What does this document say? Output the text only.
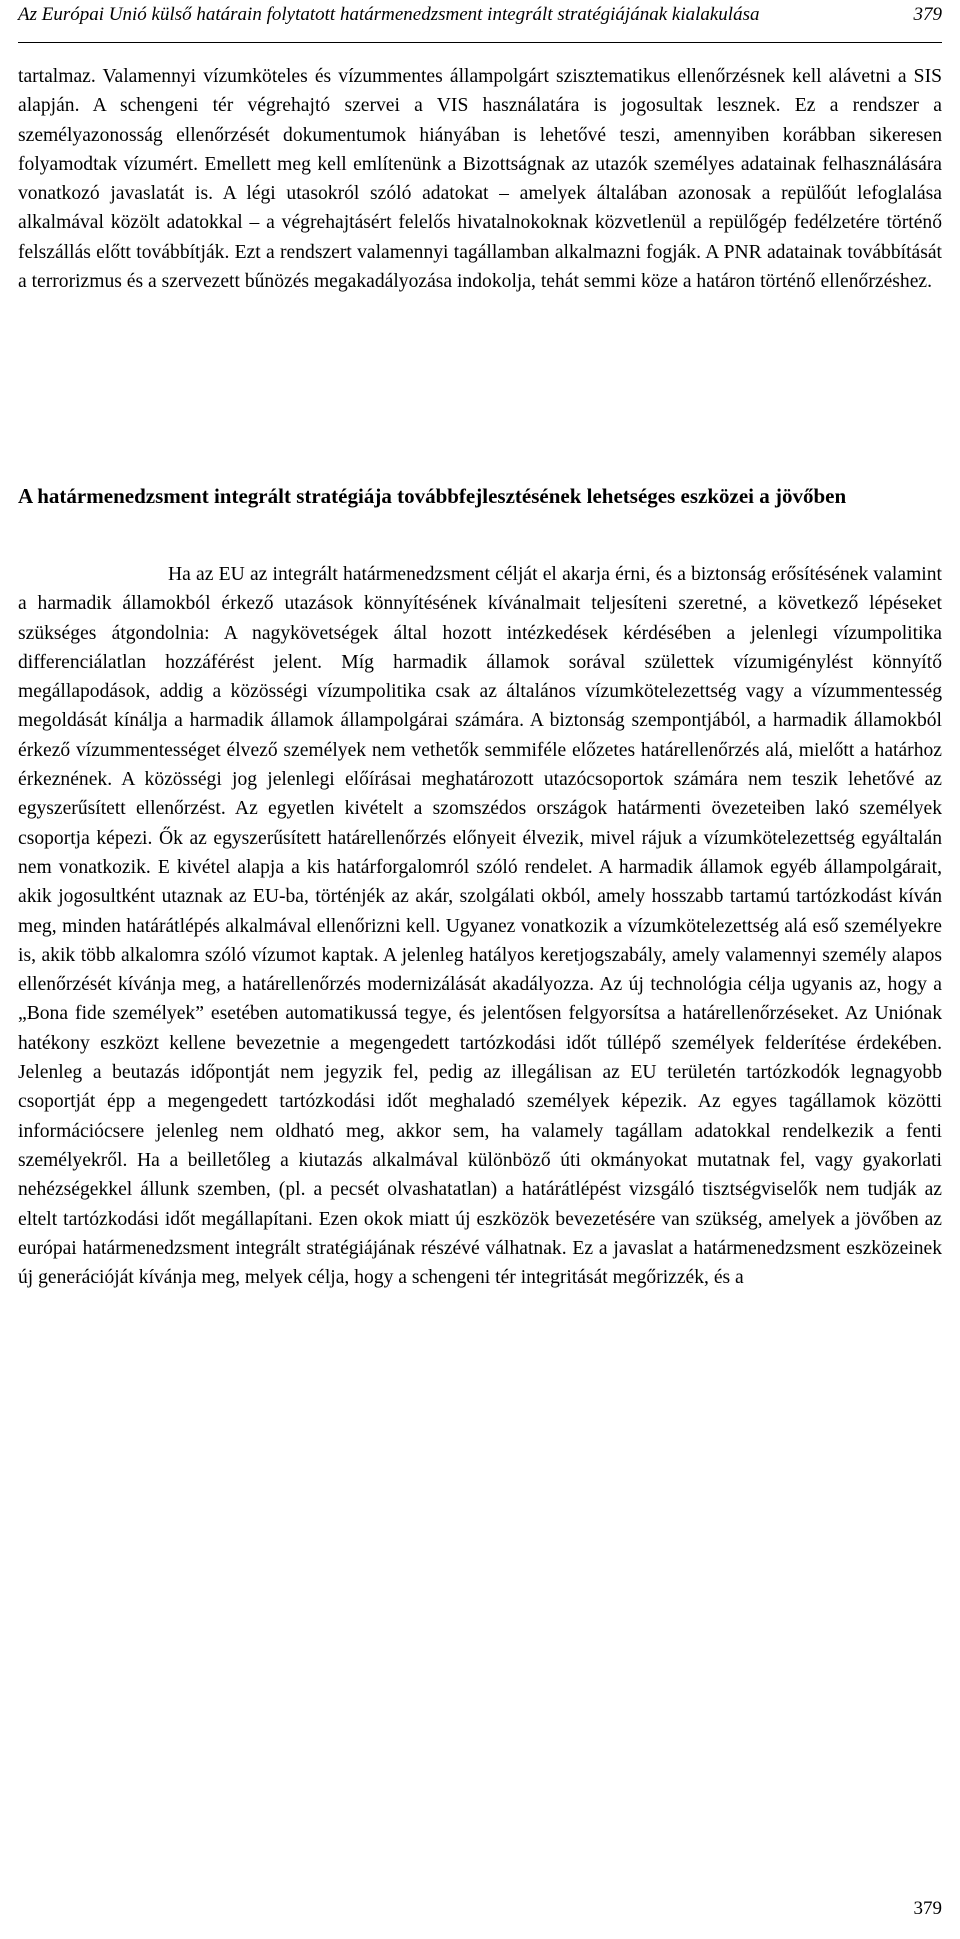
Az Európai Unió külső határain folytatott határmenedzsment integrált stratégiájának kialakulása	379

tartalmaz. Valamennyi vízumköteles és vízummentes állampolgárt szisztematikus ellenőrzésnek kell alávetni a SIS alapján. A schengeni tér végrehajtó szervei a VIS használatára is jogosultak lesznek. Ez a rendszer a személyazonosság ellenőrzését dokumentumok hiányában is lehetővé teszi, amennyiben korábban sikeresen folyamodtak vízumért. Emellett meg kell említenünk a Bizottságnak az utazók személyes adatainak felhasználására vonatkozó javaslatát is. A légi utasokról szóló adatokat – amelyek általában azonosak a repülőút lefoglalása alkalmával közölt adatokkal – a végrehajtásért felelős hivatalnokoknak közvetlenül a repülőgép fedélzetére történő felszállás előtt továbbítják. Ezt a rendszert valamennyi tagállamban alkalmazni fogják. A PNR adatainak továbbítását a terrorizmus és a szervezett bűnözés megakadályozása indokolja, tehát semmi köze a határon történő ellenőrzéshez.

A határmenedzsment integrált stratégiája továbbfejlesztésének lehetséges eszközei a jövőben

Ha az EU az integrált határmenedzsment célját el akarja érni, és a biztonság erősítésének valamint a harmadik államokból érkező utazások könnyítésének kívánalmait teljesíteni szeretné, a következő lépéseket szükséges átgondolnia: A nagykövetségek által hozott intézkedések kérdésében a jelenlegi vízumpolitika differenciálatlan hozzáférést jelent. Míg harmadik államok sorával születtek vízumigénylést könnyítő megállapodások, addig a közösségi vízumpolitika csak az általános vízumkötelezettség vagy a vízummentesség megoldását kínálja a harmadik államok állampolgárai számára. A biztonság szempontjából, a harmadik államokból érkező vízummentességet élvező személyek nem vethetők semmiféle előzetes határellenőrzés alá, mielőtt a határhoz érkeznének. A közösségi jog jelenlegi előírásai meghatározott utazócsoportok számára nem teszik lehetővé az egyszerűsített ellenőrzést. Az egyetlen kivételt a szomszédos országok határmenti övezeteiben lakó személyek csoportja képezi. Ők az egyszerűsített határellenőrzés előnyeit élvezik, mivel rájuk a vízumkötelezettség egyáltalán nem vonatkozik. E kivétel alapja a kis határforgalomról szóló rendelet. A harmadik államok egyéb állampolgárait, akik jogosultként utaznak az EU-ba, történjék az akár, szolgálati okból, amely hosszabb tartamú tartózkodást kíván meg, minden határátlépés alkalmával ellenőrizni kell. Ugyanez vonatkozik a vízumkötelezettség alá eső személyekre is, akik több alkalomra szóló vízumot kaptak. A jelenleg hatályos keretjogszabály, amely valamennyi személy alapos ellenőrzését kívánja meg, a határellenőrzés modernizálását akadályozza. Az új technológia célja ugyanis az, hogy a „Bona fide személyek” esetében automatikussá tegye, és jelentősen felgyorsítsa a határellenőrzéseket. Az Uniónak hatékony eszközt kellene bevezetnie a megengedett tartózkodási időt túllépő személyek felderítése érdekében. Jelenleg a beutazás időpontját nem jegyzik fel, pedig az illegálisan az EU területén tartózkodók legnagyobb csoportját épp a megengedett tartózkodási időt meghaladó személyek képezik. Az egyes tagállamok közötti információcsere jelenleg nem oldható meg, akkor sem, ha valamely tagállam adatokkal rendelkezik a fenti személyekről. Ha a beilletőleg a kiutazás alkalmával különböző úti okmányokat mutatnak fel, vagy gyakorlati nehézségekkel állunk szemben, (pl. a pecsét olvashatatlan) a határátlépést vizsgáló tisztségviselők nem tudják az eltelt tartózkodási időt megállapítani. Ezen okok miatt új eszközök bevezetésére van szükség, amelyek a jövőben az európai határmenedzsment integrált stratégiájának részévé válhatnak. Ez a javaslat a határmenedzsment eszközeinek új generációját kívánja meg, melyek célja, hogy a schengeni tér integritását megőrizzék, és a

379
